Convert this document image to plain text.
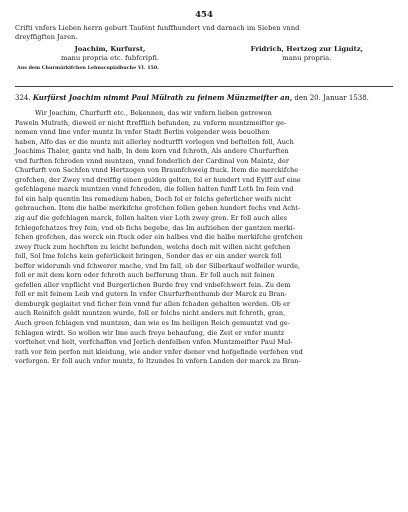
454

Crifti vnfers Lieben herrn geburt Taufent funffhundert vnd darnach im Sieben vnnd

dreyffigften Jaren.

Joachim, Kurfurst,
manu propria etc. fubfcripfi.
Fridrich, Hertzog zur Lignitz,
manu propria.
Aus dem Churmärkifchen Lehnscopialbuche VI. 150.
324. Kurfürst Joachim nimmt Paul Mülrath zu feinem Münzmeifter an, den 20. Januar 1538.

Wir Joachim, Churfurft etc., Bekennen, das wir vnfern lieben getrewen

Paweln Mulrath, dieweil er nicht ftrefflich befunden, zu vnferm muntzmeifter ge-

nomen vnnd Ime vnfer muntz In vnfer Stadt Berlin volgender weis beuolhen

haben, Alfo das er die muntz mit allerley nodturfft vorlegen vnd beftellen foll, Auch

Joachims Thaler, gantz vnd halb, In dem korn vnd fchroth, Als andere Churfurften

vnd furften fchroden vnnd muntzen, vnnd fonderlich der Cardinal von Maintz, der

Churfurft von Sachfen vnnd Hertzogen von Braunfchweig ftuck. Item die merckifche

grofchen, der Zwey vnd dreiffig einen gulden gelten, fol er hundert vnd Eylff auf eine

gefchlagene marck muntzen vnnd fchroden, die follen halten funff Loth Im fein vnd

fol ein halp quentin Ins remedium haben, Doch fol er folchs geferlicher weifs nicht

gebrauchen. Item die halbe merkifche grofchen follen geben hundert fechs vnd Acht-

zig auf die gefchlagen marck, follen halten vier Loth zwey gren. Er foll auch alles

fchlegefchatzes frey fein, vnd ob fichs begebe, das Im aufziehen der gantzen merki-

fchen grofchen, das werck ein ftuck oder ein halbes vnd die halbe merkifche grofchen

zwey ftuck zum hochften zu leicht befunden, welchs doch mit willen nicht gefchen

foll, Sol Ime folchs kein geferlickeit bringen, Sonder das er ein ander werck foll

beffer widerumb vnd fchwerer mache, vnd Im fall, ob der Silberkauf wolfeiler wurde,

foll er mit dem korn oder fchroth auch befferung thun. Er foll auch mit feinen

gefellen aller vnpflicht vnd Burgerlichen Burde frey vnd vnbefchwert fein. Zu dem

foll er mit feinem Leib vnd gutern In vnfer Churfurftenthumb der Marck zu Bran-

demburgk geglaitet vnd ficher fein vnnd fur allen fchaden gehalten werden. Ob er

auch Reinifch geldt muntzen wurde, foll er folchs nicht anders mit fchroth, gran,

Auch green fchlagen vnd muntzen, dan wie es Im heiligen Reich gemuntzt vnd ge-

fchlagen wirdt. So wollen wir Ime auch freye behaufung, die Zeit er vnfer muntz

vorftehet vnd helt, verfchaffen vnd Jerlich denfelben vnfen Muntzmeifter Paul Mul-

rath vor fein perfon mit kleidung, wie ander vnfer diener vnd hofgefinde verfehen vnd

vorforgen. Er foll auch vnfer muntz, fo Itzundes In vnfern Landen der marck zu Bran-
